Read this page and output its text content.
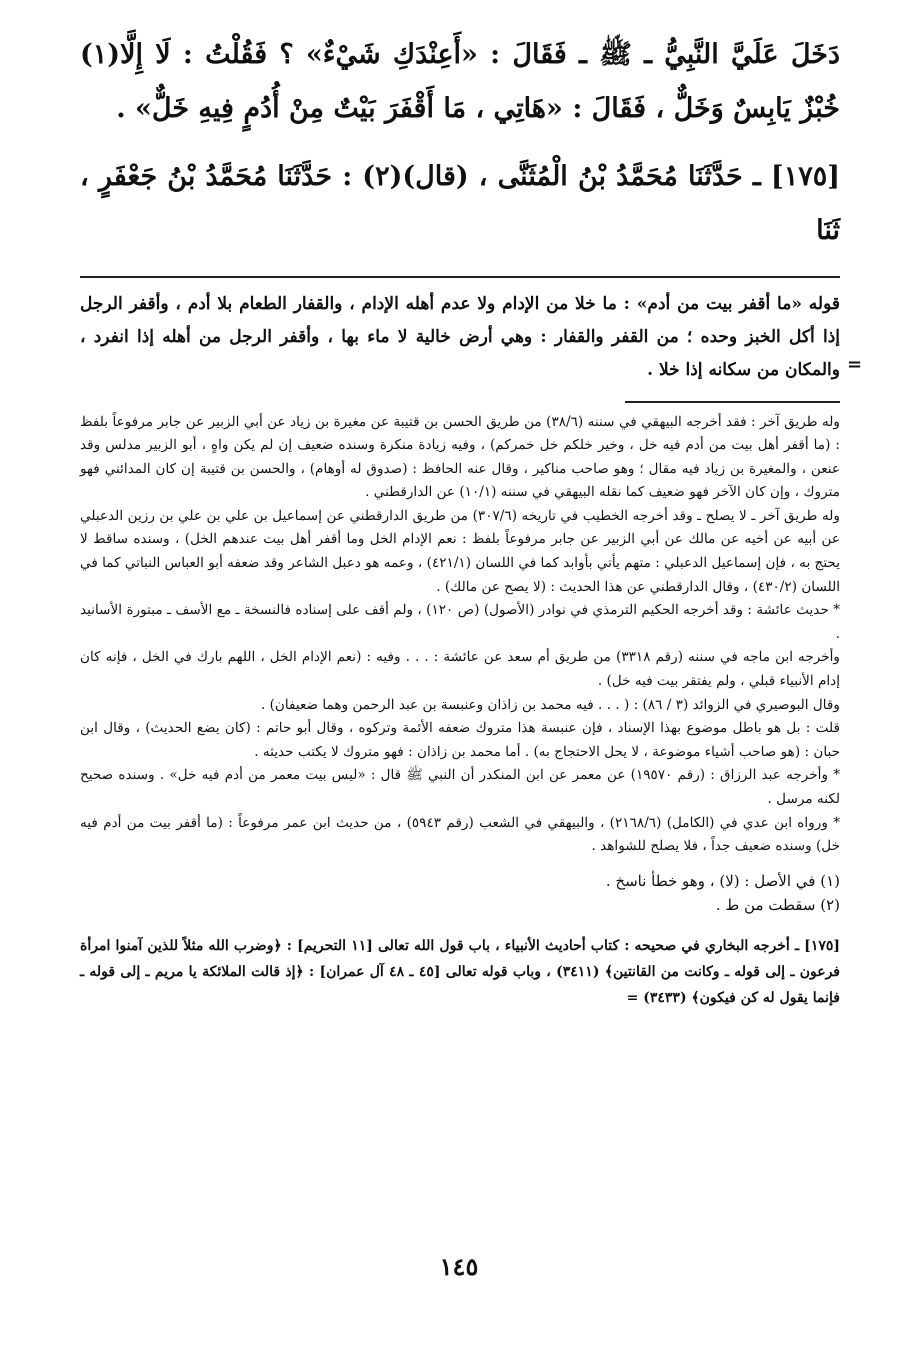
دَخَلَ عَلَيَّ النَّبِيُّ ـ ﷺ ـ فَقَالَ : «أَعِنْدَكِ شَيْءٌ» ؟ فَقُلْتُ : لَا إِلَّا(١) خُبْزٌ يَابِسٌ وَخَلٌّ ، فَقَالَ : «هَاتِي ، مَا أَقْفَرَ بَيْتٌ مِنْ أُدُمٍ فِيهِ خَلٌّ» .

[١٧٥] ـ حَدَّثَنَا مُحَمَّدُ بْنُ الْمُثَنَّى ، (قال)(٢) : حَدَّثَنَا مُحَمَّدُ بْنُ جَعْفَرٍ ، ثَنَا

قوله «ما أقفر بيت من أدم» : ما خلا من الإدام ولا عدم أهله الإدام ، والقفار الطعام بلا أدم ، وأقفر الرجل إذا أكل الخبز وحده ؛ من القفر والقفار : وهي أرض خالية لا ماء بها ، وأقفر الرجل من أهله إذا انفرد ، والمكان من سكانه إذا خلا .

وله طريق آخر : فقد أخرجه البيهقي في سننه (٣٨/٦) من طريق الحسن بن قتيبة عن مغيرة بن زياد عن أبي الزبير عن جابر مرفوعاً بلفظ : (ما أقفر أهل بيت من أدم فيه خل ، وخير خلكم خل خمركم) ، وفيه زيادة منكرة وسنده ضعيف إن لم يكن واهٍ ، أبو الزبير مدلس وقد عنعن ، والمغيرة بن زياد فيه مقال ؛ وهو صاحب مناكير ، وقال عنه الحافظ : (صدوق له أوهام) ، والحسن بن قتيبة إن كان المدائني فهو متروك ، وإن كان الآخر فهو ضعيف كما نقله البيهقي في سننه (١٠/١) عن الدارقطني .

وله طريق آخر ـ لا يصلح ـ وقد أخرجه الخطيب في تاريخه (٣٠٧/٦) من طريق الدارقطني عن إسماعيل بن علي بن علي بن رزين الدعبلي عن أبيه عن أخيه عن مالك عن أبي الزبير عن جابر مرفوعاً بلفظ : نعم الإدام الخل وما أقفر أهل بيت عندهم الخل) ، وسنده ساقط لا يحتج به ، فإن إسماعيل الدعبلي : متهم يأتي بأوابد كما في اللسان (٤٢١/١) ، وعمه هو دعبل الشاعر وقد ضعفه أبو العباس النباتي كما في اللسان (٤٣٠/٢) ، وقال الدارقطني عن هذا الحديث : (لا يصح عن مالك) .

* حديث عائشة : وقد أخرجه الحكيم الترمذي في نوادر (الأصول) (ص ١٢٠) ، ولم أقف على إسناده فالنسخة ـ مع الأسف ـ مبتورة الأسانيد .

وأخرجه ابن ماجه في سننه (رقم ٣٣١٨) من طريق أم سعد عن عائشة : . . . وفيه : (نعم الإدام الخل ، اللهم بارك في الخل ، فإنه كان إدام الأنبياء قبلي ، ولم يفتقر بيت فيه خل) .

وقال البوصيري في الزوائد (٣ / ٨٦) : ( . . . فيه محمد بن زاذان وعنبسة بن عبد الرحمن وهما ضعيفان) .

قلت : بل هو باطل موضوع بهذا الإسناد ، فإن عنبسة هذا متروك ضعفه الأئمة وتركوه ، وقال أبو حاتم : (كان يضع الحديث) ، وقال ابن حبان : (هو صاحب أشياء موضوعة ، لا يحل الاحتجاج به) . أما محمد بن زاذان : فهو متروك لا يكتب حديثه .

* وأخرجه عبد الرزاق : (رقم ١٩٥٧٠) عن معمر عن ابن المنكدر أن النبي ﷺ قال : «ليس بيت معمر من أدم فيه خل» . وسنده صحيح لكنه مرسل .

* ورواه ابن عدي في (الكامل) (٢١٦٨/٦) ، والبيهقي في الشعب (رقم ٥٩٤٣) ، من حديث ابن عمر مرفوعاً : (ما أقفر بيت من أدم فيه خل) وسنده ضعيف جداً ، فلا يصلح للشواهد .

(١) في الأصل : (لا) ، وهو خطأ ناسخ .

(٢) سقطت من ط .

[١٧٥] ـ أخرجه البخاري في صحيحه : كتاب أحاديث الأنبياء ، باب قول الله تعالى [١١ التحريم] : ﴿وضرب الله مثلاً للذين آمنوا امرأة فرعون ـ إلى قوله ـ وكانت من القانتين﴾ (٣٤١١) ، وباب قوله تعالى [٤٥ ـ ٤٨ آل عمران] : ﴿إذ قالت الملائكة يا مريم ـ إلى قوله ـ فإنما يقول له كن فيكون﴾ (٣٤٣٣) =

=
١٤٥
